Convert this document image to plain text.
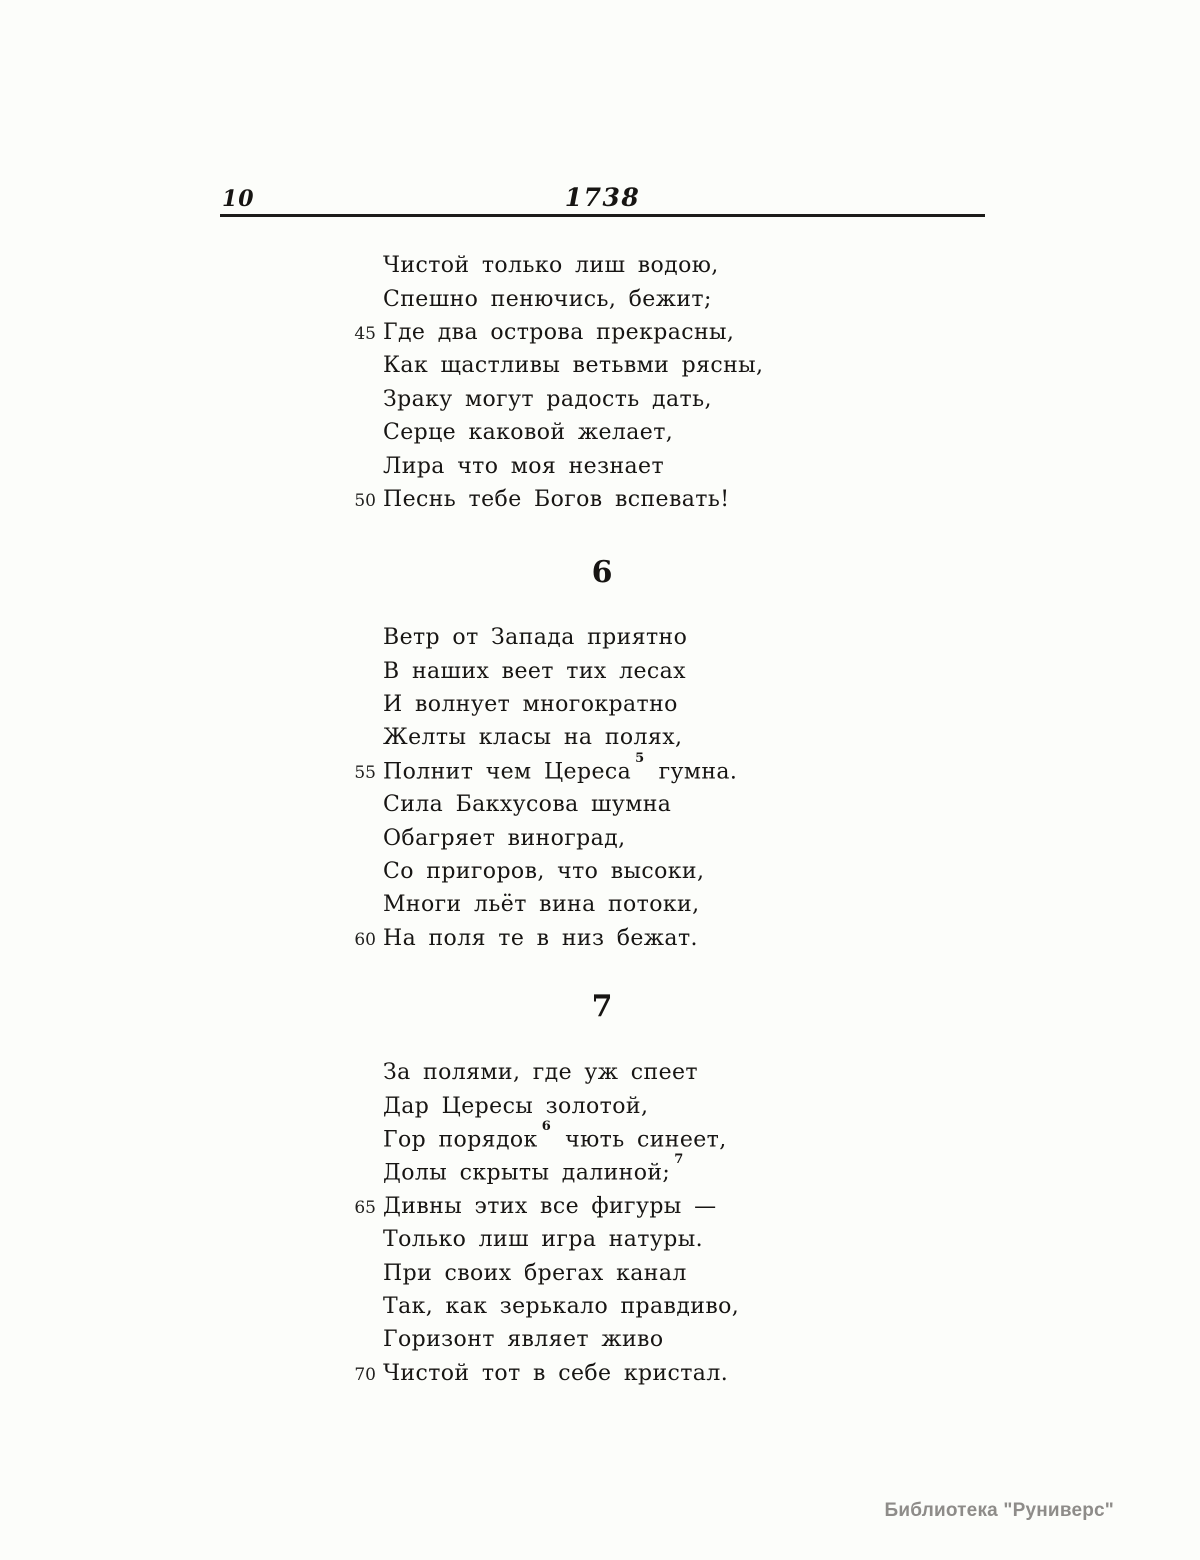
10	1738
Чистой только лиш водою,
Спешно пенючись, бежит;
45 Где два острова прекрасны,
Как щастливы ветьвми рясны,
Зраку могут радость дать,
Серце каковой желает,
Лира что моя незнает
50 Песнь тебе Богов вспевать!
6
Ветр от Запада приятно
В наших веет тих лесах
И волнует многократно
Желты класы на полях,
55 Полнит чем Цереса$^5$ гумна.
Сила Бакхусова шумна
Обагряет виноград,
Со пригоров, что высоки,
Многи льёт вина потоки,
60 На поля те в низ бежат.
7
За полями, где уж спеет
Дар Цересы золотой,
Гор порядок$^6$ чють синеет,
Долы скрыты далиной;$^7$
65 Дивны этих все фигуры —
Только лиш игра натуры.
При своих брегах канал
Так, как зерькало правдиво,
Горизонт являет живо
70 Чистой тот в себе кристал.
Библиотека "Руниверс"
